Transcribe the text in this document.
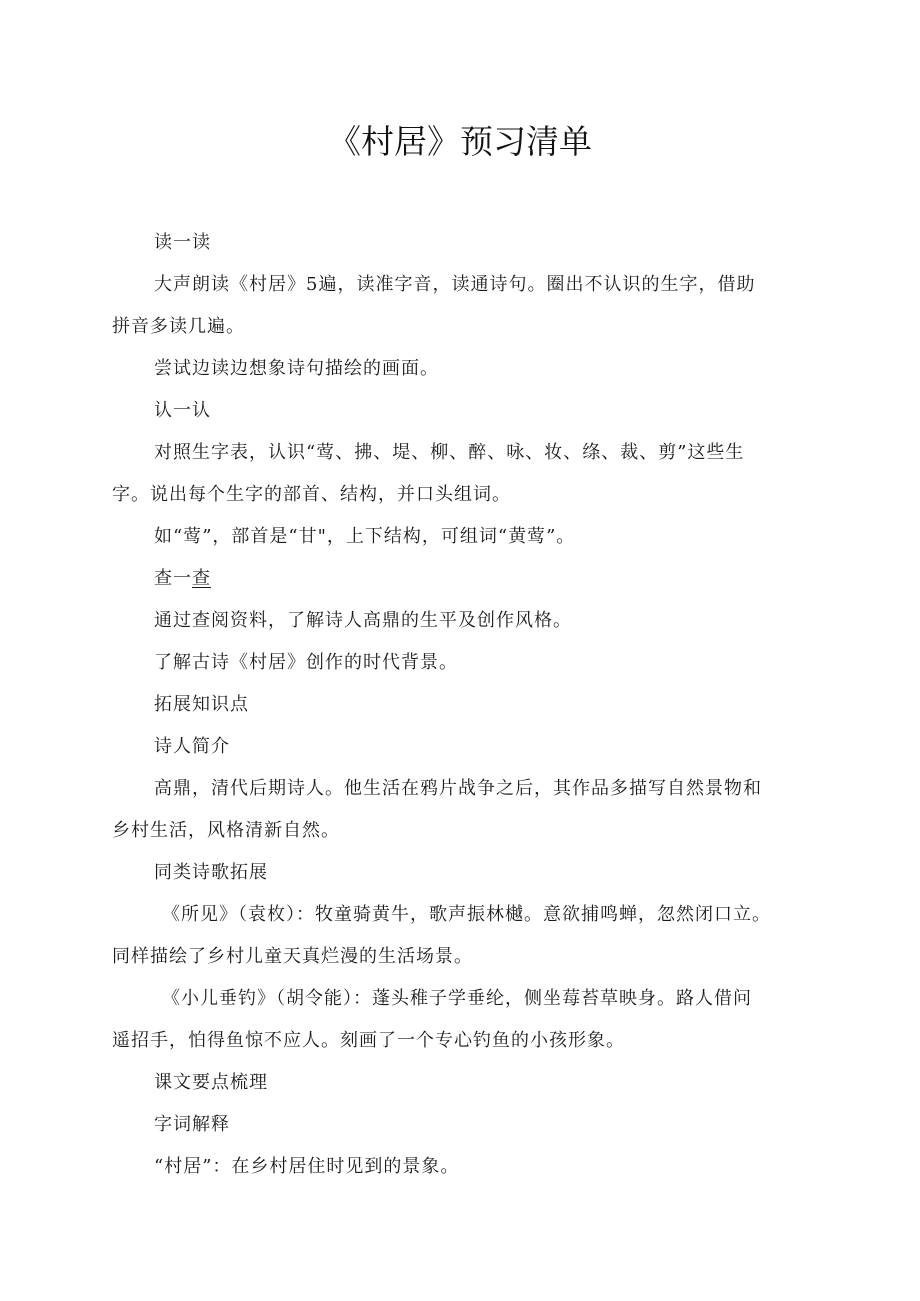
《村居》预习清单
读一读
大声朗读《村居》5遍，读准字音，读通诗句。圈出不认识的生字，借助
拼音多读几遍。
尝试边读边想象诗句描绘的画面。
认一认
对照生字表，认识“莺、拂、堤、柳、醉、咏、妆、绦、裁、剪”这些生
字。说出每个生字的部首、结构，并口头组词。
如“莺”，部首是“甘"，上下结构，可组词“黄莺”。
查一查
通过查阅资料，了解诗人高鼎的生平及创作风格。
了解古诗《村居》创作的时代背景。
拓展知识点
诗人简介
高鼎，清代后期诗人。他生活在鸦片战争之后，其作品多描写自然景物和
乡村生活，风格清新自然。
同类诗歌拓展
《所见》（袁枚）：牧童骑黄牛，歌声振林樾。意欲捕鸣蝉，忽然闭口立。
同样描绘了乡村儿童天真烂漫的生活场景。
《小儿垂钓》（胡令能）：蓬头稚子学垂纶，侧坐莓苔草映身。路人借问
遥招手，怕得鱼惊不应人。刻画了一个专心钓鱼的小孩形象。
课文要点梳理
字词解释
“村居”：在乡村居住时见到的景象。
